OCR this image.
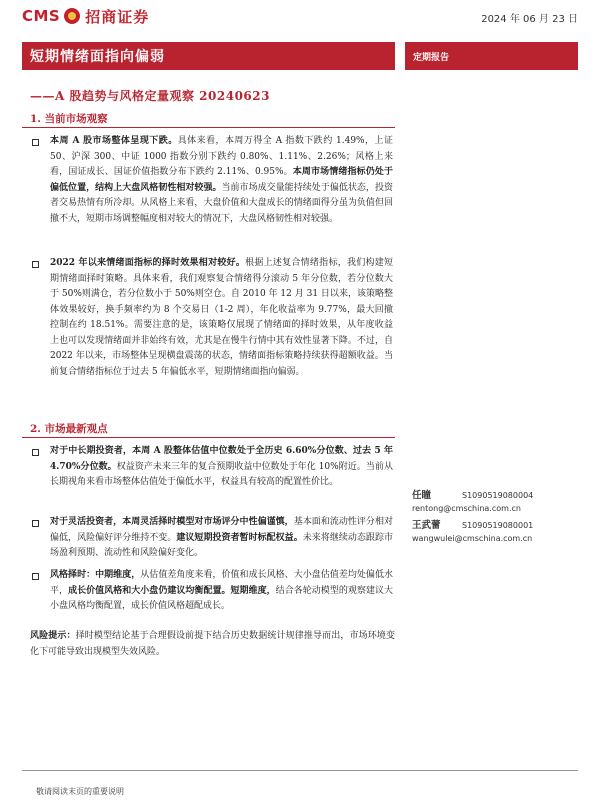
CMS 招商证券	2024 年 06 月 23 日
短期情绪面指向偏弱	定期报告
——A 股趋势与风格定量观察 20240623
1. 当前市场观察
本周 A 股市场整体呈现下跌。具体来看，本周万得全 A 指数下跌约 1.49%，上证 50、沪深 300、中证 1000 指数分别下跌约 0.80%、1.11%、2.26%；风格上来看，国证成长、国证价值指数分布下跌约 2.11%、0.95%。本周市场情绪指标仍处于偏低位置，结构上大盘风格韧性相对较强。当前市场成交量能持续处于偏低状态，投资者交易热情有所冷却。从风格上来看，大盘价值和大盘成长的情绪面得分虽为负值但回撤不大，短期市场调整幅度相对较大的情况下，大盘风格韧性相对较强。
2022 年以来情绪面指标的择时效果相对较好。根据上述复合情绪指标，我们构建短期情绪面择时策略。具体来看，我们观察复合情绪得分滚动 5 年分位数，若分位数大于 50%则满仓，若分位数小于 50%则空仓。自 2010 年 12 月 31 日以来，该策略整体效果较好，换手频率约为 8 个交易日（1-2 周），年化收益率为 9.77%，最大回撤控制在约 18.51%。需要注意的是，该策略仅展现了情绪面的择时效果，从年度收益上也可以发现情绪面并非始终有效，尤其是在慢牛行情中其有效性显著下降。不过，自 2022 年以来，市场整体呈现横盘震荡的状态，情绪面指标策略持续获得超额收益。当前复合情绪指标位于过去 5 年偏低水平，短期情绪面指向偏弱。
2. 市场最新观点
对于中长期投资者，本周 A 股整体估值中位数处于全历史 6.60%分位数、过去 5 年 4.70%分位数。权益资产未来三年的复合预期收益中位数处于年化 10%附近。当前从长期视角来看市场整体估值处于偏低水平，权益具有较高的配置性价比。
对于灵活投资者，本周灵活择时模型对市场评分中性偏谨慎，基本面和流动性评分相对偏低，风险偏好评分维持不变。建议短期投资者暂时标配权益。未来将继续动态跟踪市场盈利预期、流动性和风险偏好变化。
风格择时：中期维度，从估值差角度来看，价值和成长风格、大小盘估值差均处偏低水平，成长价值风格和大小盘仍建议均衡配置。短期维度，结合各轮动模型的观察建议大小盘风格均衡配置，成长价值风格超配成长。
风险提示：择时模型结论基于合理假设前提下结合历史数据统计规律推导而出，市场环境变化下可能导致出现模型失效风险。
任瞳	S1090519080004
rentong@cmschina.com.cn
王武蕾	S1090519080001
wangwulei@cmschina.com.cn
敬请阅读末页的重要说明
